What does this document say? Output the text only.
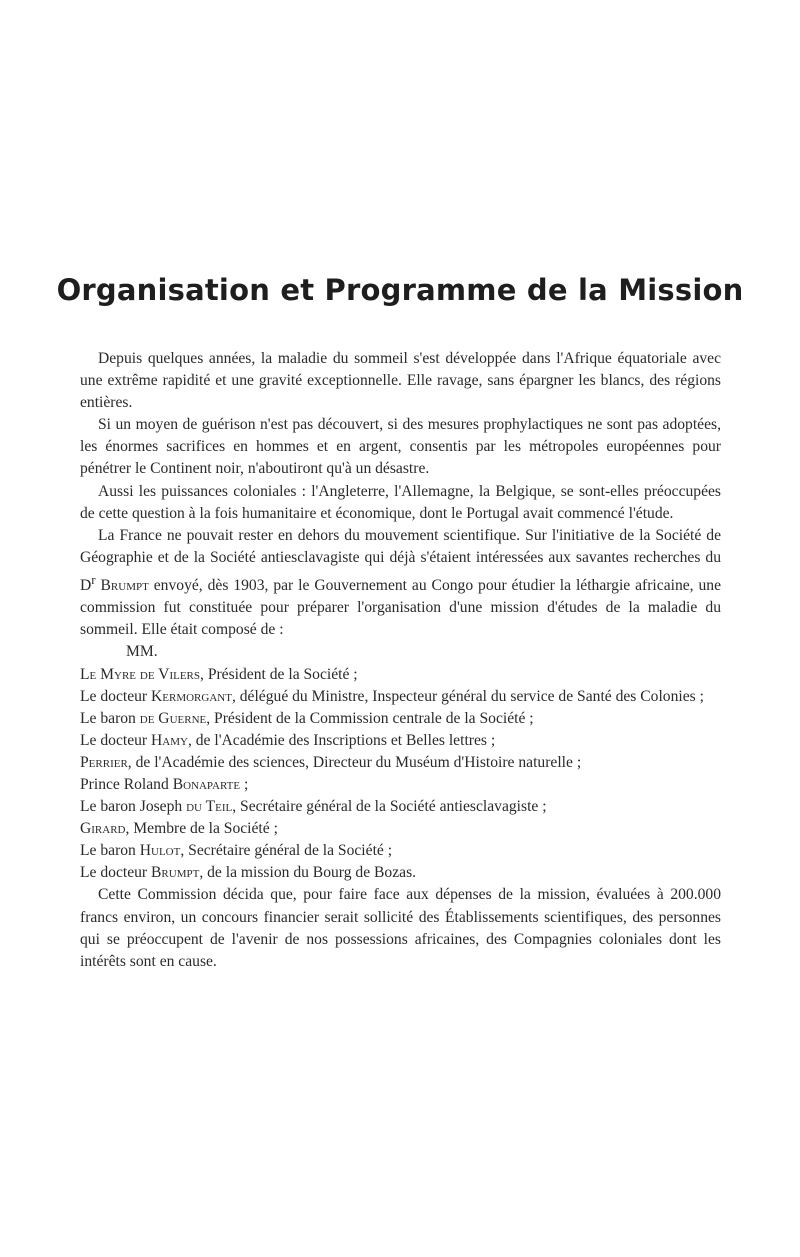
Organisation et Programme de la Mission

Depuis quelques années, la maladie du sommeil s'est développée dans l'Afrique équatoriale avec une extrême rapidité et une gravité exceptionnelle. Elle ravage, sans épargner les blancs, des régions entières.

Si un moyen de guérison n'est pas découvert, si des mesures prophylactiques ne sont pas adoptées, les énormes sacrifices en hommes et en argent, consentis par les métropoles européennes pour pénétrer le Continent noir, n'aboutiront qu'à un désastre.

Aussi les puissances coloniales : l'Angleterre, l'Allemagne, la Belgique, se sont-elles préoccupées de cette question à la fois humanitaire et économique, dont le Portugal avait commencé l'étude.

La France ne pouvait rester en dehors du mouvement scientifique. Sur l'initiative de la Société de Géographie et de la Société antiesclavagiste qui déjà s'étaient intéressées aux savantes recherches du $D^r$ Brumpt envoyé, dès 1903, par le Gouvernement au Congo pour étudier la léthargie africaine, une commission fut constituée pour préparer l'organisation d'une mission d'études de la maladie du sommeil. Elle était composé de :

MM.

Le Myre de Vilers, Président de la Société ;

Le docteur Kermorgant, délégué du Ministre, Inspecteur général du service de Santé des Colonies ;

Le baron de Guerne, Président de la Commission centrale de la Société ;

Le docteur Hamy, de l'Académie des Inscriptions et Belles lettres ;

Perrier, de l'Académie des sciences, Directeur du Muséum d'Histoire naturelle ;

Prince Roland Bonaparte ;

Le baron Joseph du Teil, Secrétaire général de la Société antiesclavagiste ;

Girard, Membre de la Société ;

Le baron Hulot, Secrétaire général de la Société ;

Le docteur Brumpt, de la mission du Bourg de Bozas.

Cette Commission décida que, pour faire face aux dépenses de la mission, évaluées à 200.000 francs environ, un concours financier serait sollicité des Établissements scientifiques, des personnes qui se préoccupent de l'avenir de nos possessions africaines, des Compagnies coloniales dont les intérêts sont en cause.
